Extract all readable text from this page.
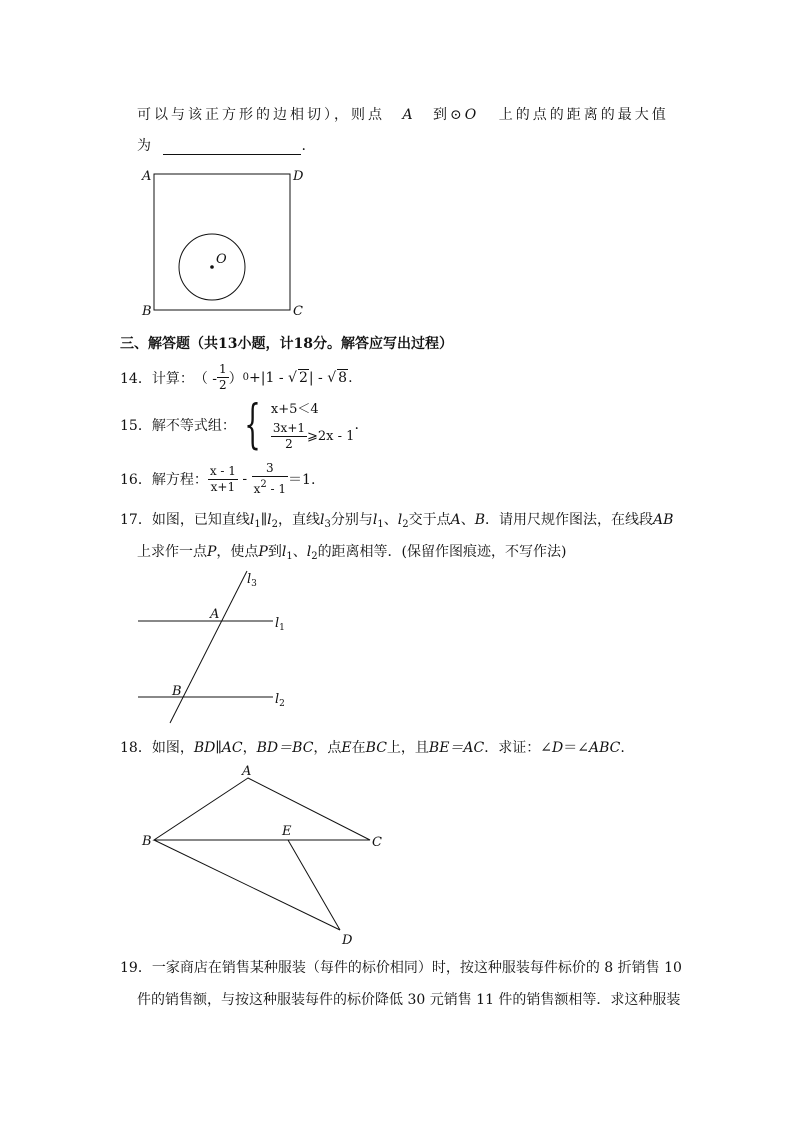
可以与该正方形的边相切），则点 A 到⊙O 上的点的距离的最大值
为	.
A	D
B	C
O
三、解答题（共13小题，计18分。解答应写出过程）
14． 计算： （ - $\frac{1}{2}$ ） 0 +|1 - √ 2 | - √ 8 .
15． 解不等式组： { x+5＜4
$\frac{3x+1}{2}$ ⩾2x - 1
.
16． 解方程： $\frac{x - 1}{x+1} - \frac{3}{x^2 - 1} =1$.
17．如图，已知直线$l_1\parallel l_2$，直线$l_3$分别与$l_1$、$l_2$交于点A、B．请用尺规作图法，在线段AB
上求作一点P，使点P到$l_1$、$l_2$的距离相等．(保留作图痕迹，不写作法)
$l_3$
$l_1$
$l_2$
A
B
18．如图，BD∥AC，BD＝BC，点E在BC上，且BE＝AC．求证：∠D＝∠ABC.
A
B	C
E
D
19．一家商店在销售某种服装（每件的标价相同）时，按这种服装每件标价的 8 折销售 10
件的销售额，与按这种服装每件的标价降低 30 元销售 11 件的销售额相等．求这种服装
